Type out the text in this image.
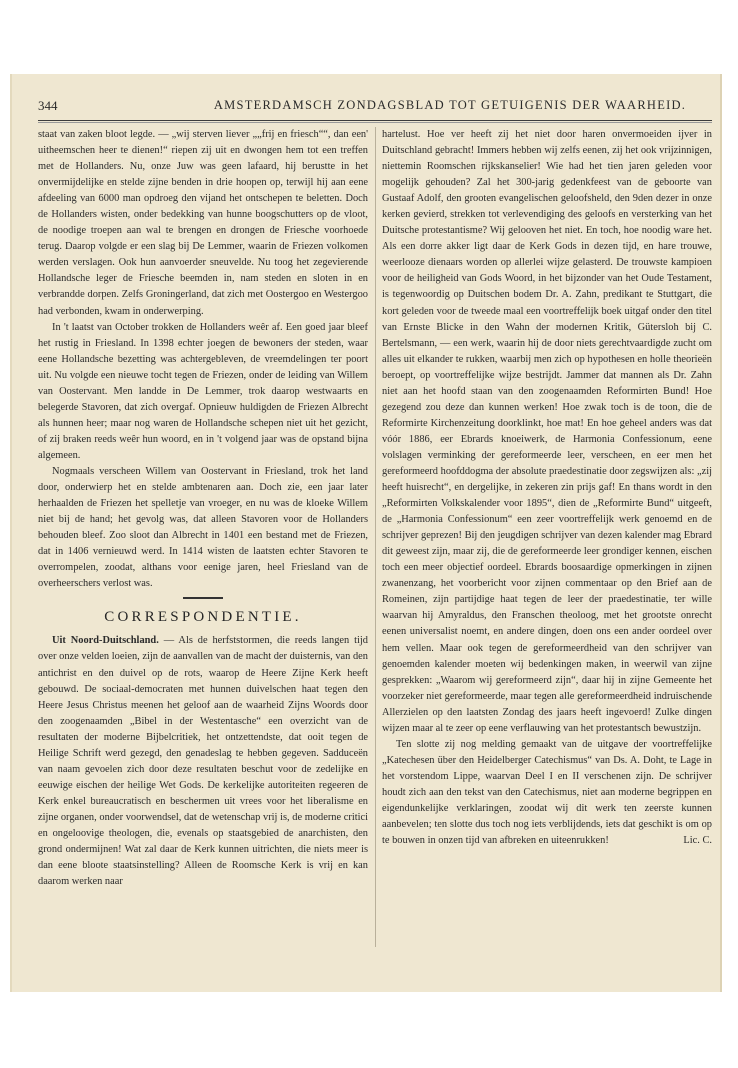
344	AMSTERDAMSCH ZONDAGSBLAD TOT GETUIGENIS DER WAARHEID.

staat van zaken bloot legde. — „wij sterven liever „„frij en friesch““, dan een' uitheemschen heer te dienen!“ riepen zij uit en dwongen hem tot een treffen met de Hollanders. Nu, onze Juw was geen lafaard, hij berustte in het onvermijdelijke en stelde zijne benden in drie hoopen op, terwijl hij aan eene afdeeling van 6000 man opdroeg den vijand het ontschepen te beletten. Doch de Hollanders wisten, onder bedekking van hunne boogschutters op de vloot, de noodige troepen aan wal te brengen en drongen de Friesche voorhoede terug. Daarop volgde er een slag bij De Lemmer, waarin de Friezen volkomen werden verslagen. Ook hun aanvoerder sneuvelde. Nu toog het zegevierende Hollandsche leger de Friesche beemden in, nam steden en sloten in en verbrandde dorpen. Zelfs Groningerland, dat zich met Oostergoo en Westergoo had verbonden, kwam in onderwerping.

In 't laatst van October trokken de Hollanders weêr af. Een goed jaar bleef het rustig in Friesland. In 1398 echter joegen de bewoners der steden, waar eene Hollandsche bezetting was achtergebleven, de vreemdelingen ter poort uit. Nu volgde een nieuwe tocht tegen de Friezen, onder de leiding van Willem van Oostervant. Men landde in De Lemmer, trok daarop westwaarts en belegerde Stavoren, dat zich overgaf. Opnieuw huldigden de Friezen Albrecht als hunnen heer; maar nog waren de Hollandsche schepen niet uit het gezicht, of zij braken reeds weêr hun woord, en in 't volgend jaar was de opstand bijna algemeen.

Nogmaals verscheen Willem van Oostervant in Friesland, trok het land door, onderwierp het en stelde ambtenaren aan. Doch zie, een jaar later herhaalden de Friezen het spelletje van vroeger, en nu was de kloeke Willem niet bij de hand; het gevolg was, dat alleen Stavoren voor de Hollanders behouden bleef. Zoo sloot dan Albrecht in 1401 een bestand met de Friezen, dat in 1406 vernieuwd werd. In 1414 wisten de laatsten echter Stavoren te overrompelen, zoodat, althans voor eenige jaren, heel Friesland van de overheerschers verlost was.

CORRESPONDENTIE.

Uit Noord-Duitschland. — Als de herfststormen, die reeds langen tijd over onze velden loeien, zijn de aanvallen van de macht der duisternis, van den antichrist en den duivel op de rots, waarop de Heere Zijne Kerk heeft gebouwd. De sociaal-democraten met hunnen duivelschen haat tegen den Heere Jesus Christus meenen het geloof aan de waarheid Zijns Woords door den zoogenaamden „Bibel in der Westentasche“ een overzicht van de resultaten der moderne Bijbelcritiek, het ontzettendste, dat ooit tegen de Heilige Schrift werd gezegd, den genadeslag te hebben gegeven. Sadduceën van naam gevoelen zich door deze resultaten beschut voor de zedelijke en eeuwige eischen der heilige Wet Gods. De kerkelijke autoriteiten regeeren de Kerk enkel bureaucratisch en beschermen uit vrees voor het liberalisme en zijne organen, onder voorwendsel, dat de wetenschap vrij is, de moderne critici en ongeloovige theologen, die, evenals op staatsgebied de anarchisten, den grond ondermijnen! Wat zal daar de Kerk kunnen uitrichten, die niets meer is dan eene bloote staatsinstelling? Alleen de Roomsche Kerk is vrij en kan daarom werken naar

hartelust. Hoe ver heeft zij het niet door haren onvermoeiden ijver in Duitschland gebracht! Immers hebben wij zelfs eenen, zij het ook vrijzinnigen, niettemin Roomschen rijkskanselier! Wie had het tien jaren geleden voor mogelijk gehouden? Zal het 300-jarig gedenkfeest van de geboorte van Gustaaf Adolf, den grooten evangelischen geloofsheld, den 9den dezer in onze kerken gevierd, strekken tot verlevendiging des geloofs en versterking van het Duitsche protestantisme? Wij gelooven het niet. En toch, hoe noodig ware het. Als een dorre akker ligt daar de Kerk Gods in dezen tijd, en hare trouwe, weerlooze dienaars worden op allerlei wijze gelasterd. De trouwste kampioen voor de heiligheid van Gods Woord, in het bijzonder van het Oude Testament, is tegenwoordig op Duitschen bodem Dr. A. Zahn, predikant te Stuttgart, die kort geleden voor de tweede maal een voortreffelijk boek uitgaf onder den titel van Ernste Blicke in den Wahn der modernen Kritik, Gütersloh bij C. Bertelsmann, — een werk, waarin hij de door niets gerechtvaardigde zucht om alles uit elkander te rukken, waarbij men zich op hypothesen en holle theorieën beroept, op voortreffelijke wijze bestrijdt. Jammer dat mannen als Dr. Zahn niet aan het hoofd staan van den zoogenaamden Reformirten Bund! Hoe gezegend zou deze dan kunnen werken! Hoe zwak toch is de toon, die de Reformirte Kirchenzeitung doorklinkt, hoe mat! En hoe geheel anders was dat vóór 1886, eer Ebrards knoeiwerk, de Harmonia Confessionum, eene volslagen verminking der gereformeerde leer, verscheen, en eer men het gereformeerd hoofddogma der absolute praedestinatie door zegswijzen als: „zij heeft huisrecht“, en dergelijke, in zekeren zin prijs gaf! En thans wordt in den „Reformirten Volkskalender voor 1895“, dien de „Reformirte Bund“ uitgeeft, de „Harmonia Confessionum“ een zeer voortreffelijk werk genoemd en de schrijver geprezen! Bij den jeugdigen schrijver van dezen kalender mag Ebrard dit geweest zijn, maar zij, die de gereformeerde leer grondiger kennen, eischen toch een meer objectief oordeel. Ebrards boosaardige opmerkingen in zijnen zwanenzang, het voorbericht voor zijnen commentaar op den Brief aan de Romeinen, zijn partijdige haat tegen de leer der praedestinatie, ter wille waarvan hij Amyraldus, den Franschen theoloog, met het grootste onrecht eenen universalist noemt, en andere dingen, doen ons een ander oordeel over hem vellen. Maar ook tegen de gereformeerdheid van den schrijver van genoemden kalender moeten wij bedenkingen maken, in weerwil van zijne gesprekken: „Waarom wij gereformeerd zijn“, daar hij in zijne Gemeente het voorzeker niet gereformeerde, maar tegen alle gereformeerdheid indruischende Allerzielen op den laatsten Zondag des jaars heeft ingevoerd! Zulke dingen wijzen maar al te zeer op eene verflauwing van het protestantsch bewustzijn.

Ten slotte zij nog melding gemaakt van de uitgave der voortreffelijke „Katechesen über den Heidelberger Catechismus“ van Ds. A. Doht, te Lage in het vorstendom Lippe, waarvan Deel I en II verschenen zijn. De schrijver houdt zich aan den tekst van den Catechismus, niet aan moderne begrippen en eigendunkelijke verklaringen, zoodat wij dit werk ten zeerste kunnen aanbevelen; ten slotte dus toch nog iets verblijdends, iets dat geschikt is om op te bouwen in onzen tijd van afbreken en uiteenrukken!	Lic. C.
